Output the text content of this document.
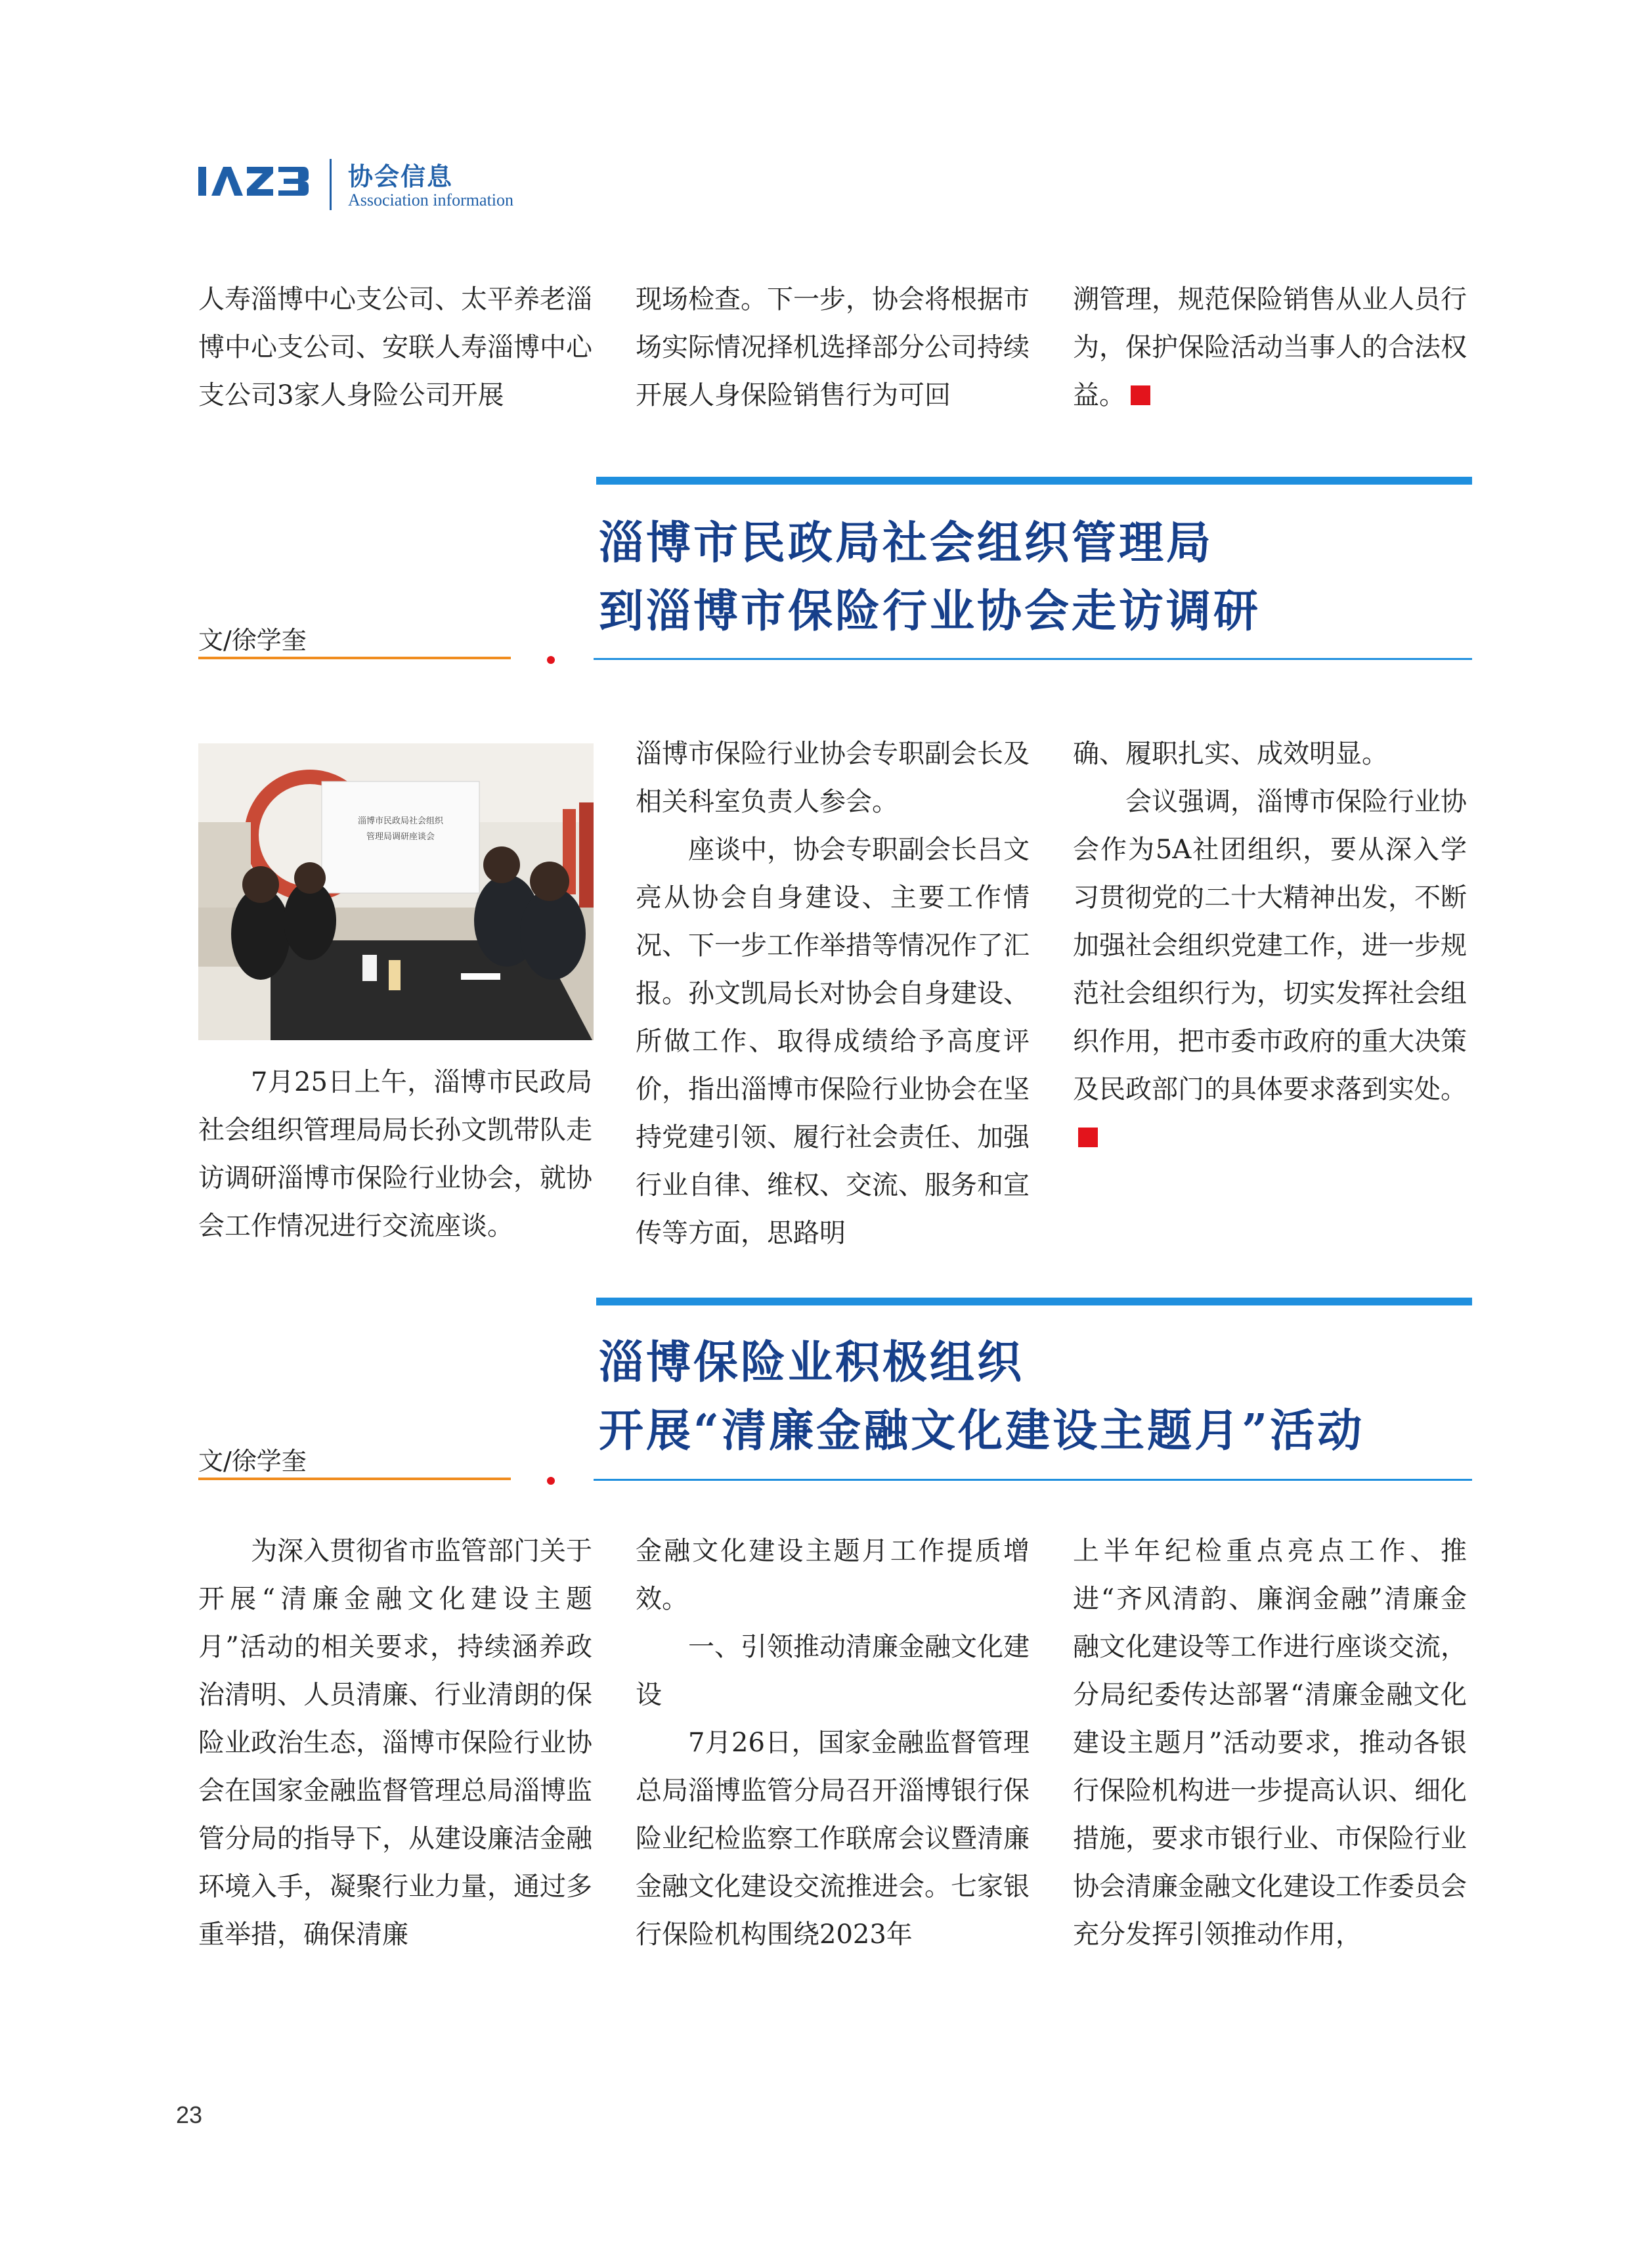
协会信息
Association information

人寿淄博中心支公司、太平养老淄博中心支公司、安联人寿淄博中心支公司3家人身险公司开展

现场检查。下一步，协会将根据市场实际情况择机选择部分公司持续开展人身保险销售行为可回

溯管理，规范保险销售从业人员行为，保护保险活动当事人的合法权益。

淄博市民政局社会组织管理局
到淄博市保险行业协会走访调研
文/徐学奎
淄博市民政局社会组织
管理局调研座谈会

7月25日上午，淄博市民政局社会组织管理局局长孙文凯带队走访调研淄博市保险行业协会，就协会工作情况进行交流座谈。

淄博市保险行业协会专职副会长及相关科室负责人参会。

座谈中，协会专职副会长吕文亮从协会自身建设、主要工作情况、下一步工作举措等情况作了汇报。孙文凯局长对协会自身建设、所做工作、取得成绩给予高度评价，指出淄博市保险行业协会在坚持党建引领、履行社会责任、加强行业自律、维权、交流、服务和宣传等方面，思路明

确、履职扎实、成效明显。

会议强调，淄博市保险行业协会作为5A社团组织，要从深入学习贯彻党的二十大精神出发，不断加强社会组织党建工作，进一步规范社会组织行为，切实发挥社会组织作用，把市委市政府的重大决策及民政部门的具体要求落到实处。

淄博保险业积极组织
开展“清廉金融文化建设主题月”活动
文/徐学奎

为深入贯彻省市监管部门关于开展“清廉金融文化建设主题月”活动的相关要求，持续涵养政治清明、人员清廉、行业清朗的保险业政治生态，淄博市保险行业协会在国家金融监督管理总局淄博监管分局的指导下，从建设廉洁金融环境入手，凝聚行业力量，通过多重举措，确保清廉

金融文化建设主题月工作提质增效。

一、引领推动清廉金融文化建设

7月26日，国家金融监督管理总局淄博监管分局召开淄博银行保险业纪检监察工作联席会议暨清廉金融文化建设交流推进会。七家银行保险机构围绕2023年

上半年纪检重点亮点工作、推进“齐风清韵、廉润金融”清廉金融文化建设等工作进行座谈交流，分局纪委传达部署“清廉金融文化建设主题月”活动要求，推动各银行保险机构进一步提高认识、细化措施，要求市银行业、市保险行业协会清廉金融文化建设工作委员会充分发挥引领推动作用，

23
